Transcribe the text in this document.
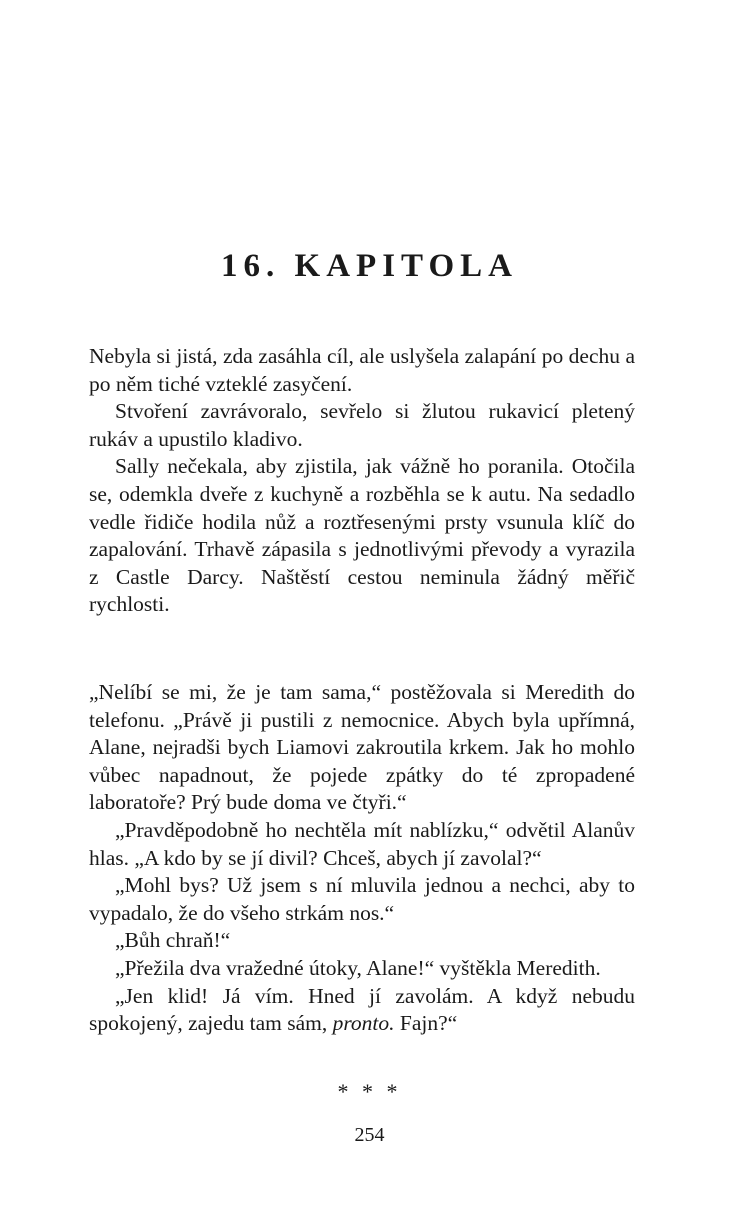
16. KAPITOLA

Nebyla si jistá, zda zasáhla cíl, ale uslyšela zalapání po dechu a po něm tiché vzteklé zasyčení.

Stvoření zavrávoralo, sevřelo si žlutou rukavicí pletený rukáv a upustilo kladivo.

Sally nečekala, aby zjistila, jak vážně ho poranila. Otočila se, odemkla dveře z kuchyně a rozběhla se k autu. Na sedadlo vedle řidiče hodila nůž a roztřesenými prsty vsunula klíč do zapalování. Trhavě zápasila s jednotlivými převody a vyrazila z Castle Darcy. Naštěstí cestou neminula žádný měřič rychlosti.

„Nelíbí se mi, že je tam sama,“ postěžovala si Meredith do telefonu. „Právě ji pustili z nemocnice. Abych byla upřímná, Alane, nejradši bych Liamovi zakroutila krkem. Jak ho mohlo vůbec napadnout, že pojede zpátky do té zpropadené laboratoře? Prý bude doma ve čtyři.“

„Pravděpodobně ho nechtěla mít nablízku,“ odvětil Alanův hlas. „A kdo by se jí divil? Chceš, abych jí zavolal?“

„Mohl bys? Už jsem s ní mluvila jednou a nechci, aby to vypadalo, že do všeho strkám nos.“

„Bůh chraň!“

„Přežila dva vražedné útoky, Alane!“ vyštěkla Meredith.

„Jen klid! Já vím. Hned jí zavolám. A když nebudu spokojený, zajedu tam sám, pronto. Fajn?“

* * *
254
